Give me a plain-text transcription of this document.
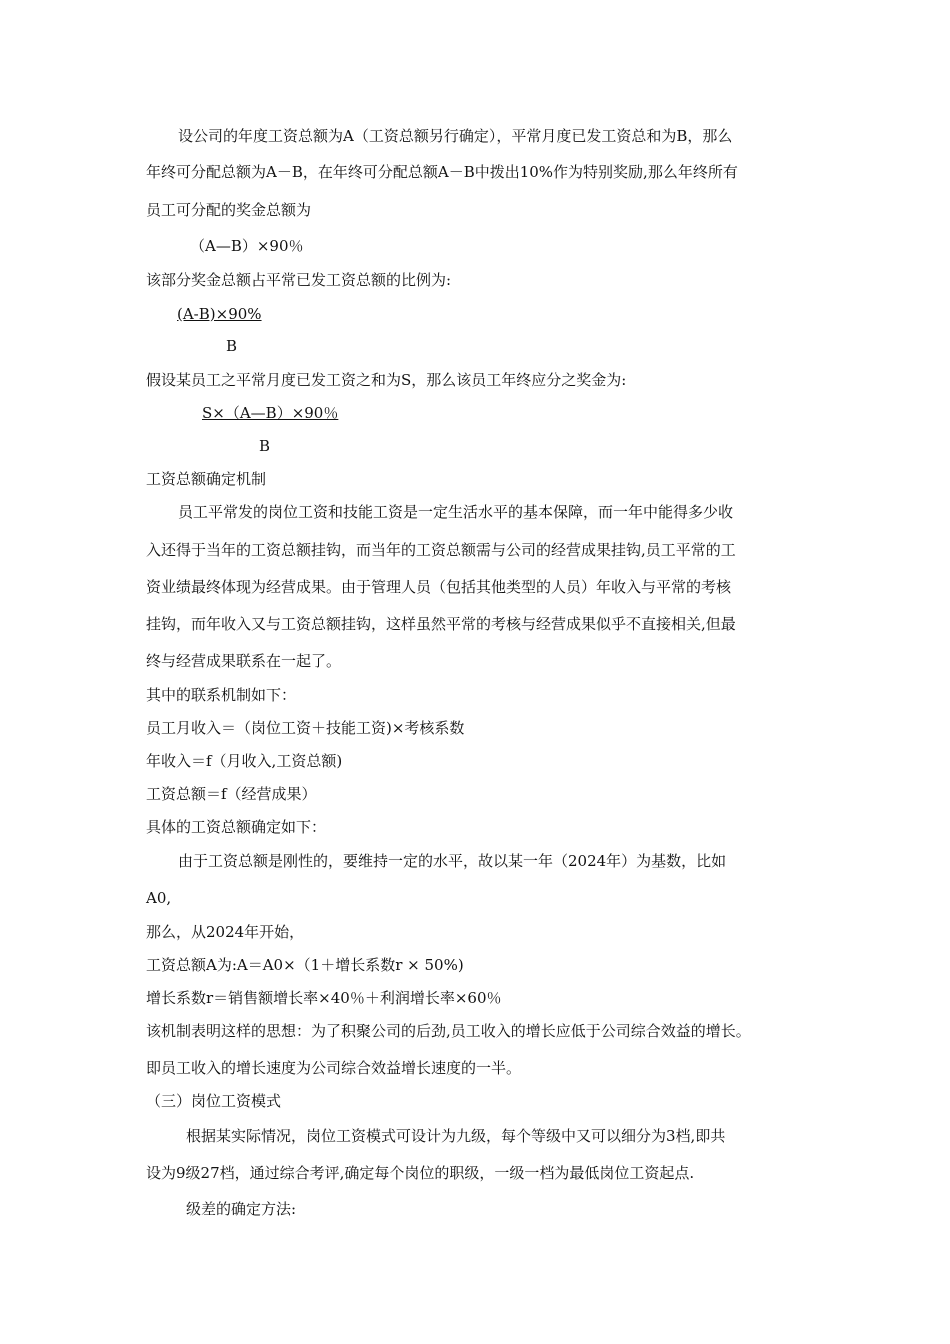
设公司的年度工资总额为A（工资总额另行确定），平常月度已发工资总和为B，那么
年终可分配总额为A－B，在年终可分配总额A－B中拨出10%作为特别奖励,那么年终所有
员工可分配的奖金总额为
（A—B）×90％
该部分奖金总额占平常已发工资总额的比例为:
(A-B)×90%
B
假设某员工之平常月度已发工资之和为S，那么该员工年终应分之奖金为:
S×（A—B）×90％
B
工资总额确定机制
员工平常发的岗位工资和技能工资是一定生活水平的基本保障，而一年中能得多少收
入还得于当年的工资总额挂钩，而当年的工资总额需与公司的经营成果挂钩,员工平常的工
资业绩最终体现为经营成果。由于管理人员（包括其他类型的人员）年收入与平常的考核
挂钩，而年收入又与工资总额挂钩，这样虽然平常的考核与经营成果似乎不直接相关,但最
终与经营成果联系在一起了。
其中的联系机制如下：
员工月收入＝（岗位工资＋技能工资)×考核系数
年收入＝f（月收入,工资总额)
工资总额＝f（经营成果）
具体的工资总额确定如下：
由于工资总额是刚性的，要维持一定的水平，故以某一年（2024年）为基数，比如
A0,
那么，从2024年开始，
工资总额A为:A＝A0×（1＋增长系数r × 50%)
增长系数r＝销售额增长率×40％＋利润增长率×60％
该机制表明这样的思想：为了积聚公司的后劲,员工收入的增长应低于公司综合效益的增长。
即员工收入的增长速度为公司综合效益增长速度的一半。
（三）岗位工资模式
根据某实际情况，岗位工资模式可设计为九级，每个等级中又可以细分为3档,即共
设为9级27档，通过综合考评,确定每个岗位的职级，一级一档为最低岗位工资起点.
级差的确定方法:
